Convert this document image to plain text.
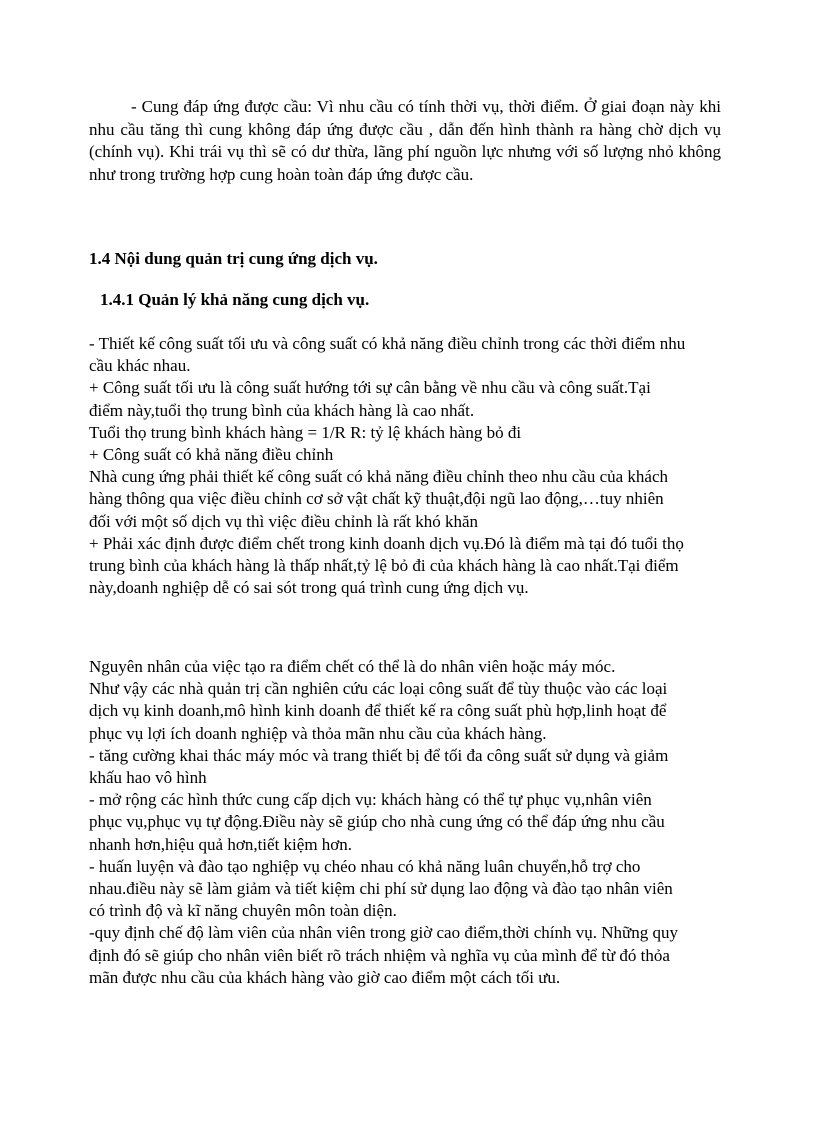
- Cung đáp ứng được cầu: Vì nhu cầu có tính thời vụ, thời điểm. Ở giai đoạn này khi nhu cầu tăng thì cung không đáp ứng được cầu , dẫn đến hình thành ra hàng chờ dịch vụ (chính vụ). Khi trái vụ thì sẽ có dư thừa, lãng phí nguồn lực nhưng với số lượng nhỏ không như trong trường hợp cung hoàn toàn đáp ứng được cầu.

1.4 Nội dung quản trị cung ứng dịch vụ.
1.4.1 Quản lý khả năng cung dịch vụ.

- Thiết kế công suất tối ưu và công suất có khả năng điều chỉnh trong các thời điểm nhu cầu khác nhau.

+ Công suất tối ưu là công suất hướng tới sự cân bằng về nhu cầu và công suất.Tại điểm này,tuổi thọ trung bình của khách hàng là cao nhất.

Tuổi thọ trung bình khách hàng = 1/R R: tỷ lệ khách hàng bỏ đi

+ Công suất có khả năng điều chỉnh

Nhà cung ứng phải thiết kế công suất có khả năng điều chỉnh theo nhu cầu của khách hàng thông qua việc điều chỉnh cơ sở vật chất kỹ thuật,đội ngũ lao động,…tuy nhiên đối với một số dịch vụ thì việc điều chỉnh là rất khó khăn

+ Phải xác định được điểm chết trong kinh doanh dịch vụ.Đó là điểm mà tại đó tuổi thọ trung bình của khách hàng là thấp nhất,tỷ lệ bỏ đi của khách hàng là cao nhất.Tại điểm này,doanh nghiệp dễ có sai sót trong quá trình cung ứng dịch vụ.

Nguyên nhân của việc tạo ra điểm chết có thể là do nhân viên hoặc máy móc.

Như vậy các nhà quản trị cần nghiên cứu các loại công suất để tùy thuộc vào các loại dịch vụ kinh doanh,mô hình kinh doanh để thiết kế ra công suất phù hợp,linh hoạt để phục vụ lợi ích doanh nghiệp và thỏa mãn nhu cầu của khách hàng.

- tăng cường khai thác máy móc và trang thiết bị để tối đa công suất sử dụng và giảm khấu hao vô hình

- mở rộng các hình thức cung cấp dịch vụ: khách hàng có thể tự phục vụ,nhân viên phục vụ,phục vụ tự động.Điều này sẽ giúp cho nhà cung ứng có thể đáp ứng nhu cầu nhanh hơn,hiệu quả hơn,tiết kiệm hơn.

- huấn luyện và đào tạo nghiệp vụ chéo nhau có khả năng luân chuyển,hỗ trợ cho nhau.điều này sẽ làm giảm và tiết kiệm chi phí sử dụng lao động và đào tạo nhân viên có trình độ và kĩ năng chuyên môn toàn diện.

-quy định chế độ làm viên của nhân viên trong giờ cao điểm,thời chính vụ. Những quy định đó sẽ giúp cho nhân viên biết rõ trách nhiệm và nghĩa vụ của mình để từ đó thỏa mãn được nhu cầu của khách hàng vào giờ cao điểm một cách tối ưu.
